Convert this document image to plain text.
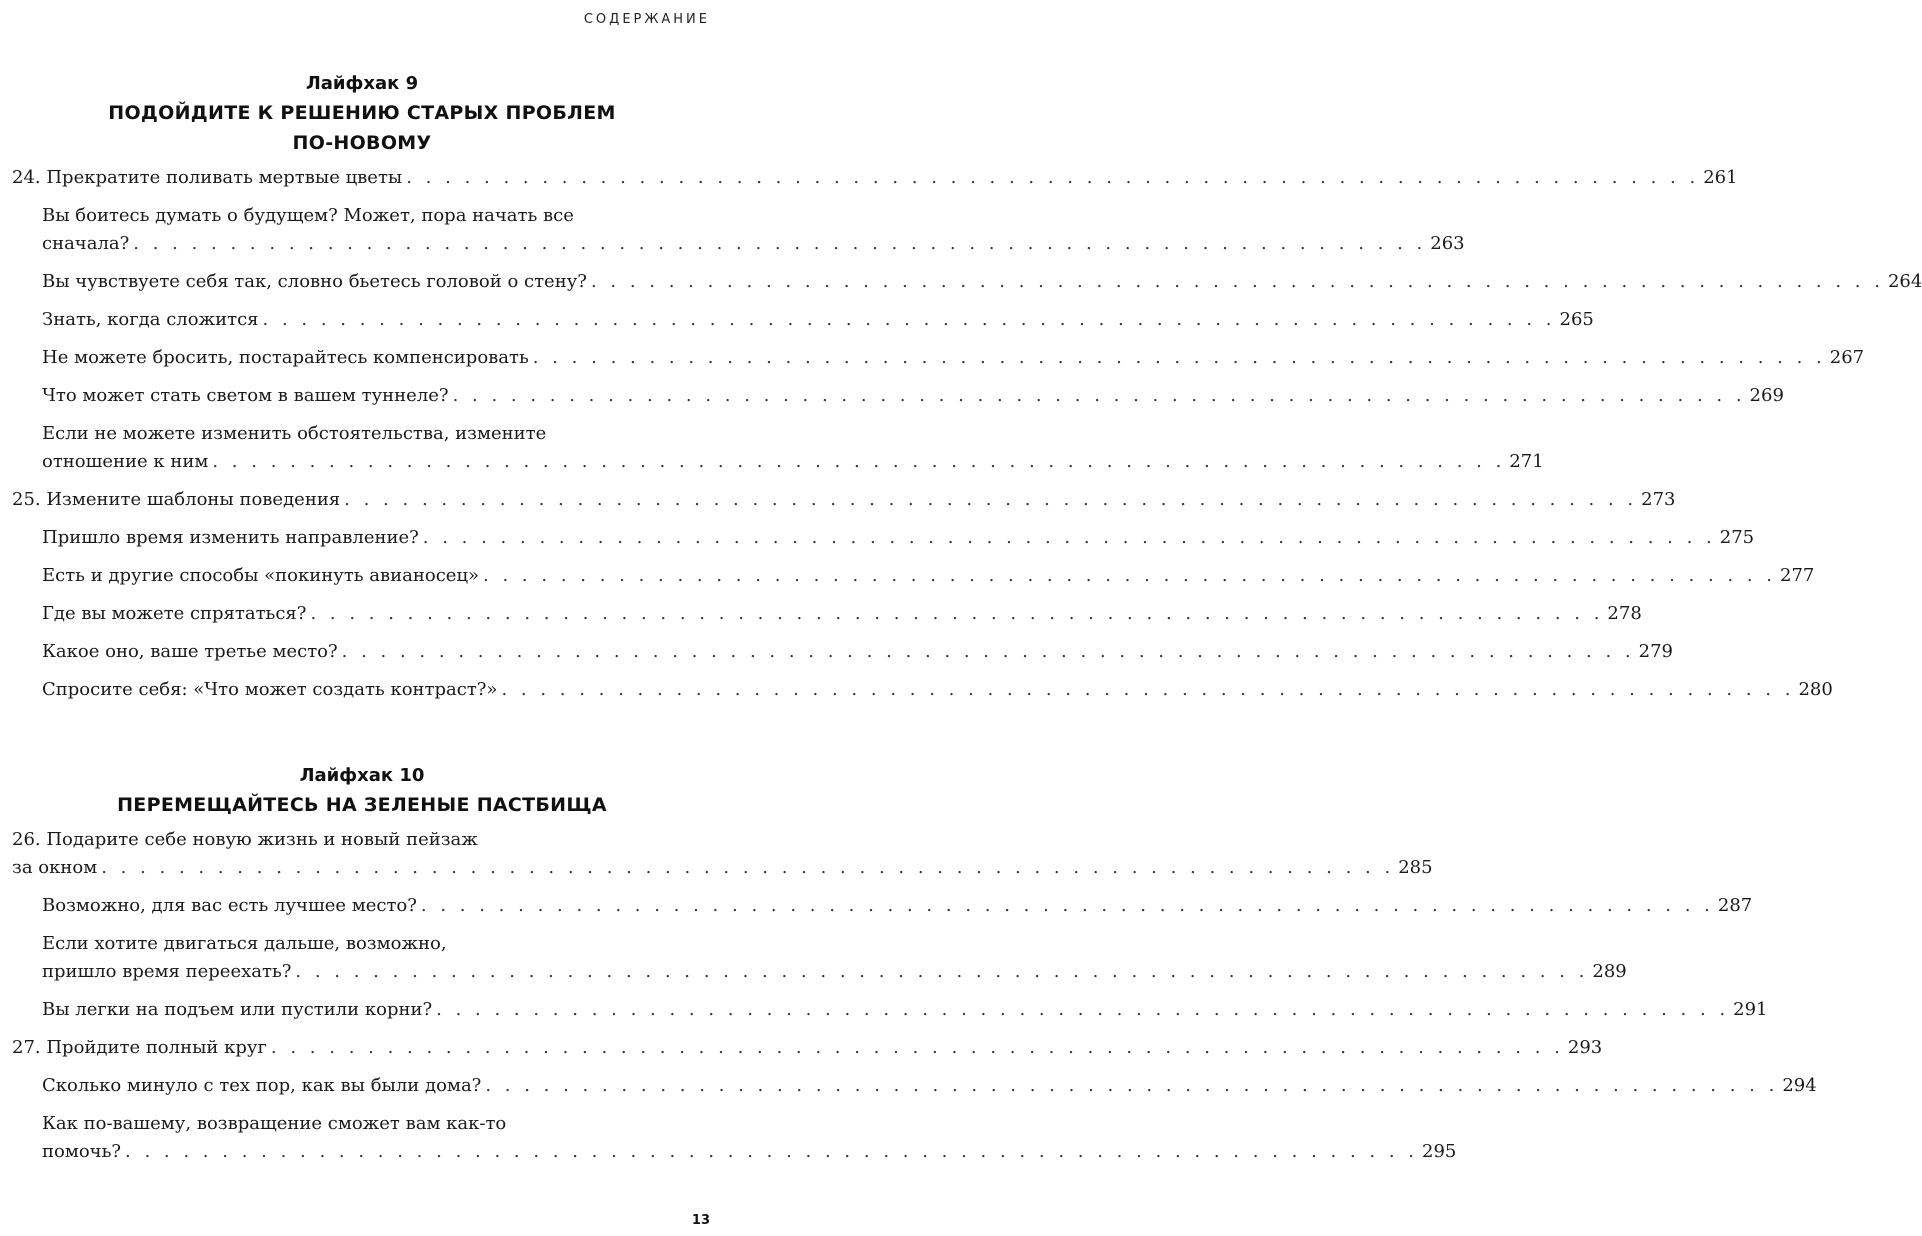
СОДЕРЖАНИЕ
Лайфхак 9
ПОДОЙДИТЕ К РЕШЕНИЮ СТАРЫХ ПРОБЛЕМ
ПО-НОВОМУ
24. Прекратите поливать мертвые цветы . . . . . . . . . . . . . . . . . . . . . . . . . . . . . . . . . . . . . . . . . . . . . . . . . . . . . . . . . . . . . . . . . . . 261
Вы боитесь думать о будущем? Может, пора начать все
сначала? . . . . . . . . . . . . . . . . . . . . . . . . . . . . . . . . . . . . . . . . . . . . . . . . . . . . . . . . . . . . . . . . . . . 263
Вы чувствуете себя так, словно бьетесь головой о стену? . . . . . . . . . . . . . . . . . . . . . . . . . . . . . . . . . . . . . . . . . . . . . . . . . . . . . . . . . . . . . . . . . . . 264
Знать, когда сложится . . . . . . . . . . . . . . . . . . . . . . . . . . . . . . . . . . . . . . . . . . . . . . . . . . . . . . . . . . . . . . . . . . . 265
Не можете бросить, постарайтесь компенсировать . . . . . . . . . . . . . . . . . . . . . . . . . . . . . . . . . . . . . . . . . . . . . . . . . . . . . . . . . . . . . . . . . . . 267
Что может стать светом в вашем туннеле? . . . . . . . . . . . . . . . . . . . . . . . . . . . . . . . . . . . . . . . . . . . . . . . . . . . . . . . . . . . . . . . . . . . 269
Если не можете изменить обстоятельства, измените
отношение к ним . . . . . . . . . . . . . . . . . . . . . . . . . . . . . . . . . . . . . . . . . . . . . . . . . . . . . . . . . . . . . . . . . . . 271
25. Измените шаблоны поведения . . . . . . . . . . . . . . . . . . . . . . . . . . . . . . . . . . . . . . . . . . . . . . . . . . . . . . . . . . . . . . . . . . . 273
Пришло время изменить направление? . . . . . . . . . . . . . . . . . . . . . . . . . . . . . . . . . . . . . . . . . . . . . . . . . . . . . . . . . . . . . . . . . . . 275
Есть и другие способы «покинуть авианосец» . . . . . . . . . . . . . . . . . . . . . . . . . . . . . . . . . . . . . . . . . . . . . . . . . . . . . . . . . . . . . . . . . . . 277
Где вы можете спрятаться? . . . . . . . . . . . . . . . . . . . . . . . . . . . . . . . . . . . . . . . . . . . . . . . . . . . . . . . . . . . . . . . . . . . 278
Какое оно, ваше третье место? . . . . . . . . . . . . . . . . . . . . . . . . . . . . . . . . . . . . . . . . . . . . . . . . . . . . . . . . . . . . . . . . . . . 279
Спросите себя: «Что может создать контраст?» . . . . . . . . . . . . . . . . . . . . . . . . . . . . . . . . . . . . . . . . . . . . . . . . . . . . . . . . . . . . . . . . . . . 280
Лайфхак 10
ПЕРЕМЕЩАЙТЕСЬ НА ЗЕЛЕНЫЕ ПАСТБИЩА
26. Подарите себе новую жизнь и новый пейзаж
за окном . . . . . . . . . . . . . . . . . . . . . . . . . . . . . . . . . . . . . . . . . . . . . . . . . . . . . . . . . . . . . . . . . . . 285
Возможно, для вас есть лучшее место? . . . . . . . . . . . . . . . . . . . . . . . . . . . . . . . . . . . . . . . . . . . . . . . . . . . . . . . . . . . . . . . . . . . 287
Если хотите двигаться дальше, возможно,
пришло время переехать? . . . . . . . . . . . . . . . . . . . . . . . . . . . . . . . . . . . . . . . . . . . . . . . . . . . . . . . . . . . . . . . . . . . 289
Вы легки на подъем или пустили корни? . . . . . . . . . . . . . . . . . . . . . . . . . . . . . . . . . . . . . . . . . . . . . . . . . . . . . . . . . . . . . . . . . . . 291
27. Пройдите полный круг . . . . . . . . . . . . . . . . . . . . . . . . . . . . . . . . . . . . . . . . . . . . . . . . . . . . . . . . . . . . . . . . . . . 293
Сколько минуло с тех пор, как вы были дома? . . . . . . . . . . . . . . . . . . . . . . . . . . . . . . . . . . . . . . . . . . . . . . . . . . . . . . . . . . . . . . . . . . . 294
Как по-вашему, возвращение сможет вам как-то
помочь? . . . . . . . . . . . . . . . . . . . . . . . . . . . . . . . . . . . . . . . . . . . . . . . . . . . . . . . . . . . . . . . . . . . 295
13
